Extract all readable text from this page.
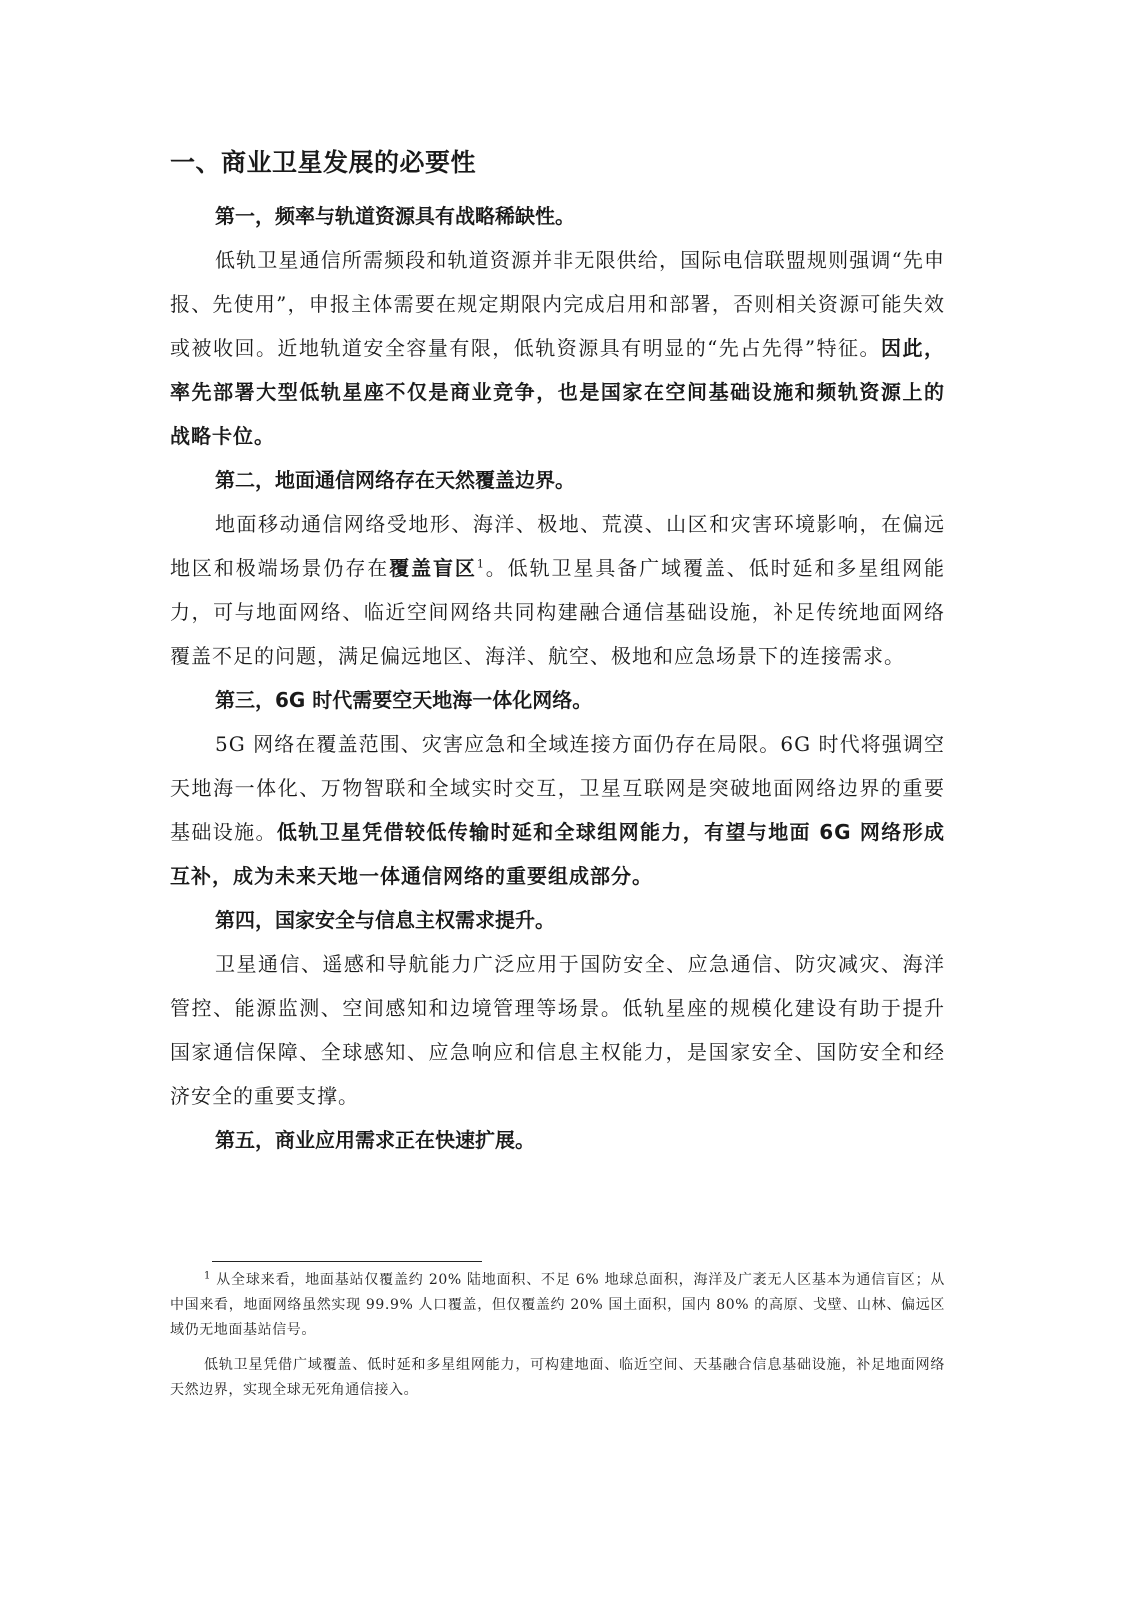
一、商业卫星发展的必要性

第一，频率与轨道资源具有战略稀缺性。

低轨卫星通信所需频段和轨道资源并非无限供给，国际电信联盟规则强调“先申报、先使用”，申报主体需要在规定期限内完成启用和部署，否则相关资源可能失效或被收回。近地轨道安全容量有限，低轨资源具有明显的“先占先得”特征。因此，率先部署大型低轨星座不仅是商业竞争，也是国家在空间基础设施和频轨资源上的战略卡位。

第二，地面通信网络存在天然覆盖边界。

地面移动通信网络受地形、海洋、极地、荒漠、山区和灾害环境影响，在偏远地区和极端场景仍存在覆盖盲区$^1$。低轨卫星具备广域覆盖、低时延和多星组网能力，可与地面网络、临近空间网络共同构建融合通信基础设施，补足传统地面网络覆盖不足的问题，满足偏远地区、海洋、航空、极地和应急场景下的连接需求。

第三，6G 时代需要空天地海一体化网络。

5G 网络在覆盖范围、灾害应急和全域连接方面仍存在局限。6G 时代将强调空天地海一体化、万物智联和全域实时交互，卫星互联网是突破地面网络边界的重要基础设施。低轨卫星凭借较低传输时延和全球组网能力，有望与地面 6G 网络形成互补，成为未来天地一体通信网络的重要组成部分。

第四，国家安全与信息主权需求提升。

卫星通信、遥感和导航能力广泛应用于国防安全、应急通信、防灾减灾、海洋管控、能源监测、空间感知和边境管理等场景。低轨星座的规模化建设有助于提升国家通信保障、全球感知、应急响应和信息主权能力，是国家安全、国防安全和经济安全的重要支撑。

第五，商业应用需求正在快速扩展。

$^1$ 从全球来看，地面基站仅覆盖约 20% 陆地面积、不足 6% 地球总面积，海洋及广袤无人区基本为通信盲区；从中国来看，地面网络虽然实现 99.9% 人口覆盖，但仅覆盖约 20% 国土面积，国内 80% 的高原、戈壁、山林、偏远区域仍无地面基站信号。

低轨卫星凭借广域覆盖、低时延和多星组网能力，可构建地面、临近空间、天基融合信息基础设施，补足地面网络天然边界，实现全球无死角通信接入。
